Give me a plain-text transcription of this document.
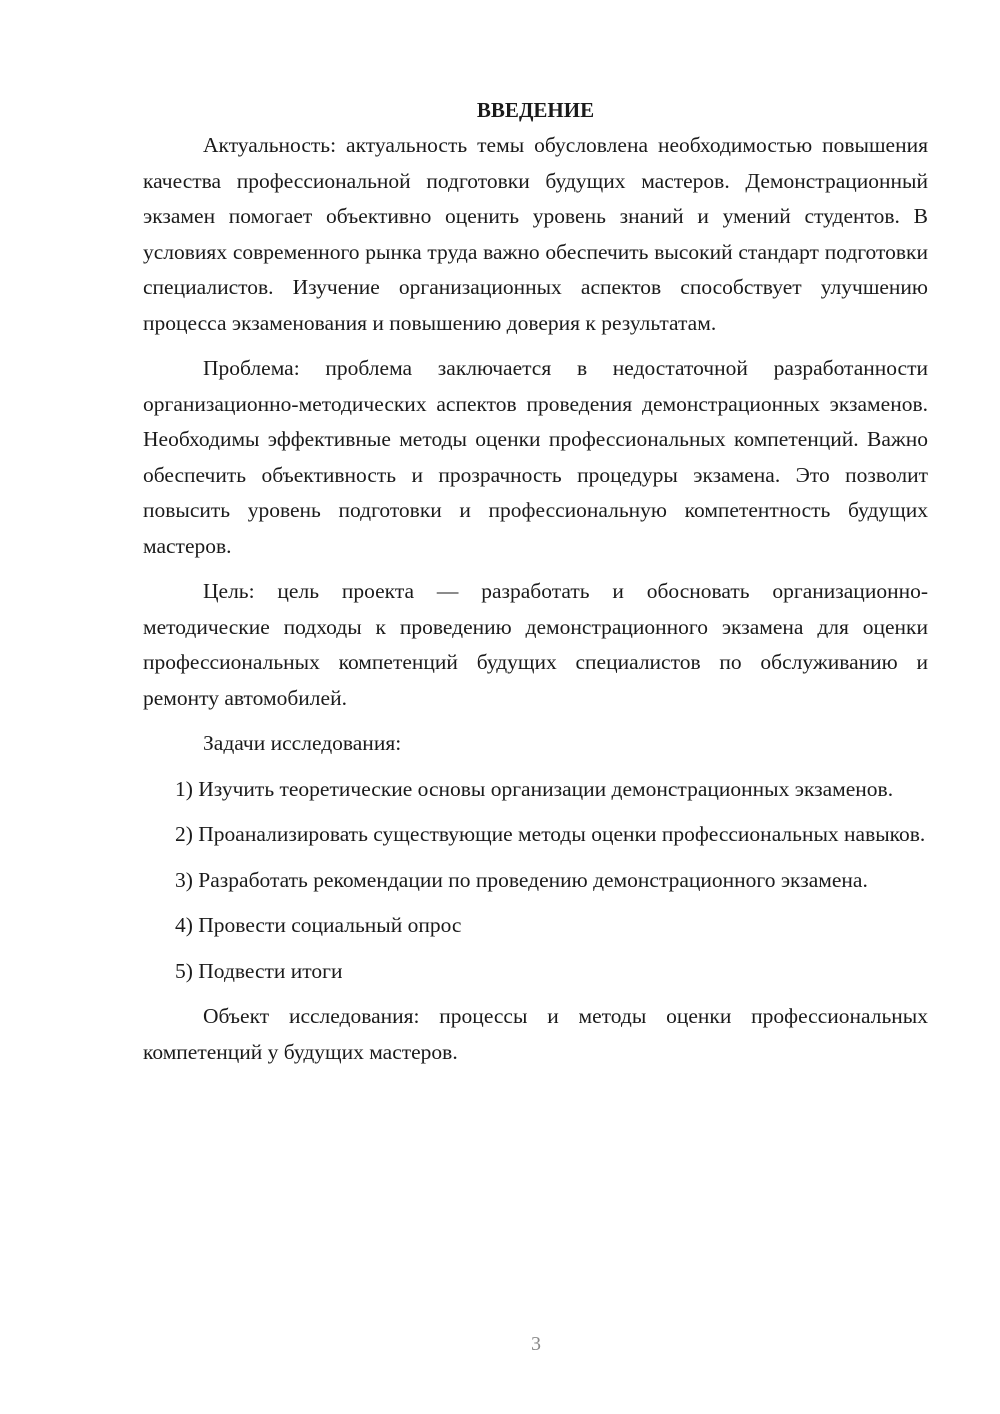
ВВЕДЕНИЕ

Актуальность: актуальность темы обусловлена необходимостью повышения качества профессиональной подготовки будущих мастеров. Демонстрационный экзамен помогает объективно оценить уровень знаний и умений студентов. В условиях современного рынка труда важно обеспечить высокий стандарт подготовки специалистов. Изучение организационных аспектов способствует улучшению процесса экзаменования и повышению доверия к результатам.

Проблема: проблема заключается в недостаточной разработанности организационно-методических аспектов проведения демонстрационных экзаменов. Необходимы эффективные методы оценки профессиональных компетенций. Важно обеспечить объективность и прозрачность процедуры экзамена. Это позволит повысить уровень подготовки и профессиональную компетентность будущих мастеров.

Цель: цель проекта — разработать и обосновать организационно-методические подходы к проведению демонстрационного экзамена для оценки профессиональных компетенций будущих специалистов по обслуживанию и ремонту автомобилей.

Задачи исследования:

1) Изучить теоретические основы организации демонстрационных экзаменов.

2) Проанализировать существующие методы оценки профессиональных навыков.

3) Разработать рекомендации по проведению демонстрационного экзамена.

4) Провести социальный опрос

5) Подвести итоги

Объект исследования: процессы и методы оценки профессиональных компетенций у будущих мастеров.

3
